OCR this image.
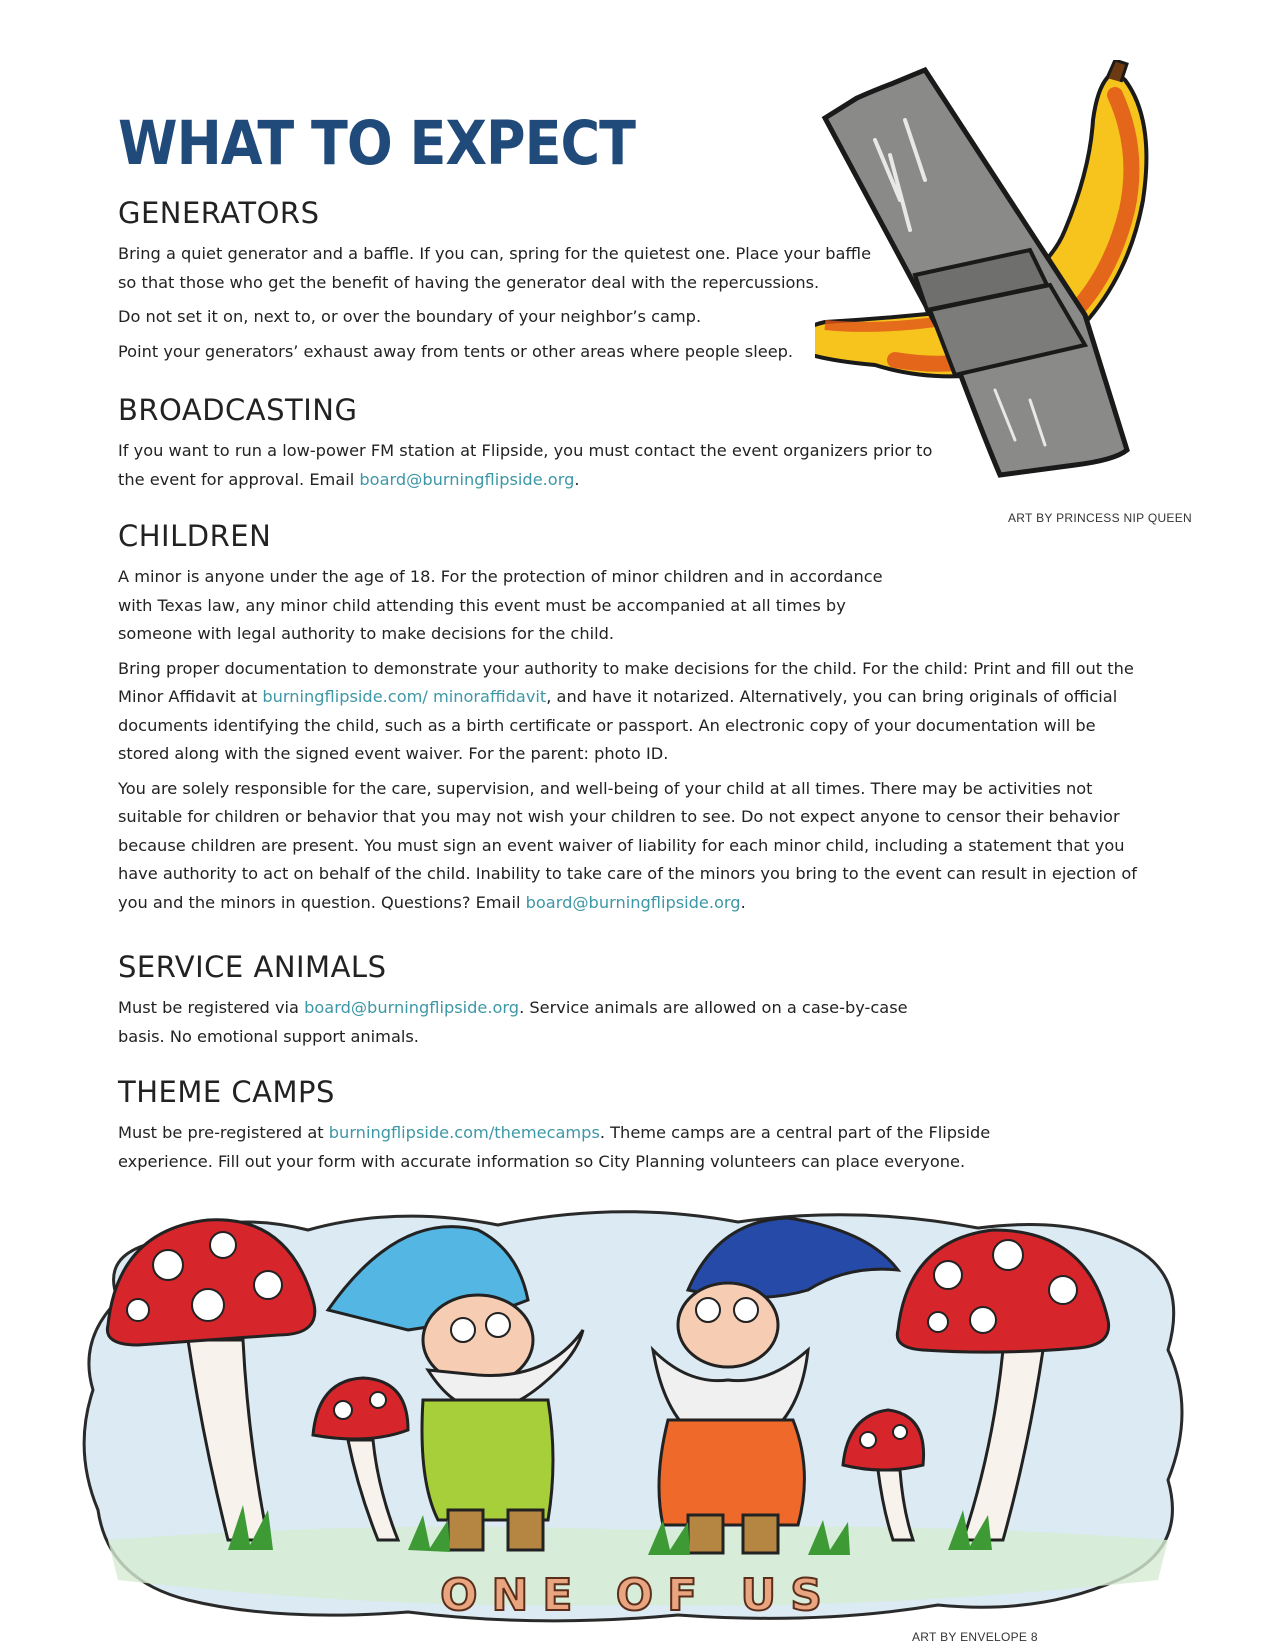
WHAT TO EXPECT
ART BY PRINCESS NIP QUEEN
GENERATORS

Bring a quiet generator and a baffle. If you can, spring for the quietest one. Place your baffle so that those who get the benefit of having the generator deal with the repercussions.

Do not set it on, next to, or over the boundary of your neighbor’s camp.

Point your generators’ exhaust away from tents or other areas where people sleep.

BROADCASTING

If you want to run a low-power FM station at Flipside, you must contact the event organizers prior to the event for approval. Email board@burningflipside.org.

CHILDREN

A minor is anyone under the age of 18. For the protection of minor children and in accordance with Texas law, any minor child attending this event must be accompanied at all times by someone with legal authority to make decisions for the child.

Bring proper documentation to demonstrate your authority to make decisions for the child. For the child: Print and fill out the Minor Affidavit at burningflipside.com/ minoraffidavit, and have it notarized. Alternatively, you can bring originals of official documents identifying the child, such as a birth certificate or passport. An electronic copy of your documentation will be stored along with the signed event waiver. For the parent: photo ID.

You are solely responsible for the care, supervision, and well-being of your child at all times. There may be activities not suitable for children or behavior that you may not wish your children to see. Do not expect anyone to censor their behavior because children are present. You must sign an event waiver of liability for each minor child, including a statement that you have authority to act on behalf of the child. Inability to take care of the minors you bring to the event can result in ejection of you and the minors in question. Questions? Email board@burningflipside.org.

SERVICE ANIMALS

Must be registered via board@burningflipside.org. Service animals are allowed on a case-by-case basis. No emotional support animals.

THEME CAMPS

Must be pre-registered at burningflipside.com/themecamps. Theme camps are a central part of the Flipside experience. Fill out your form with accurate information so City Planning volunteers can place everyone.

ONE OF US
ART BY ENVELOPE 8
